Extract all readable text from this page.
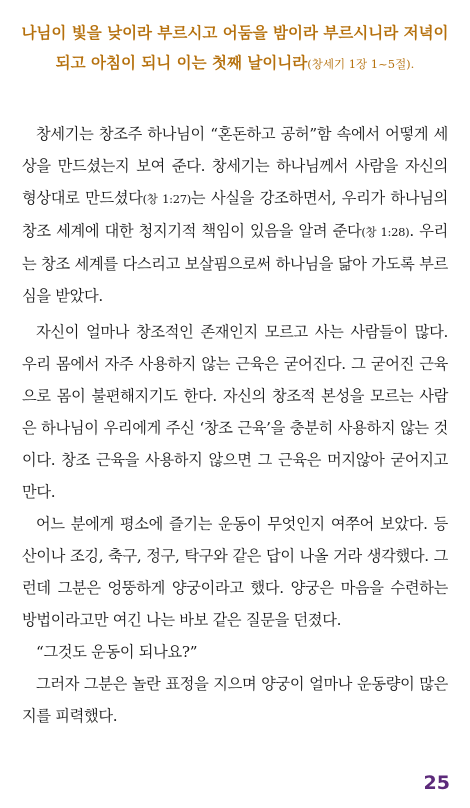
나님이 빛을 낮이라 부르시고 어둠을 밤이라 부르시니라 저녁이 되고 아침이 되니 이는 첫째 날이니라(창세기 1장 1~5절).

창세기는 창조주 하나님이 “혼돈하고 공허”함 속에서 어떻게 세상을 만드셨는지 보여 준다. 창세기는 하나님께서 사람을 자신의 형상대로 만드셨다(창 1:27)는 사실을 강조하면서, 우리가 하나님의 창조 세계에 대한 청지기적 책임이 있음을 알려 준다(창 1:28). 우리는 창조 세계를 다스리고 보살핌으로써 하나님을 닮아 가도록 부르심을 받았다.

자신이 얼마나 창조적인 존재인지 모르고 사는 사람들이 많다. 우리 몸에서 자주 사용하지 않는 근육은 굳어진다. 그 굳어진 근육으로 몸이 불편해지기도 한다. 자신의 창조적 본성을 모르는 사람은 하나님이 우리에게 주신 ‘창조 근육’을 충분히 사용하지 않는 것이다. 창조 근육을 사용하지 않으면 그 근육은 머지않아 굳어지고 만다.

어느 분에게 평소에 즐기는 운동이 무엇인지 여쭈어 보았다. 등산이나 조깅, 축구, 정구, 탁구와 같은 답이 나올 거라 생각했다. 그런데 그분은 엉뚱하게 양궁이라고 했다. 양궁은 마음을 수련하는 방법이라고만 여긴 나는 바보 같은 질문을 던졌다.

“그것도 운동이 되나요?”

그러자 그분은 놀란 표정을 지으며 양궁이 얼마나 운동량이 많은지를 피력했다.

25
